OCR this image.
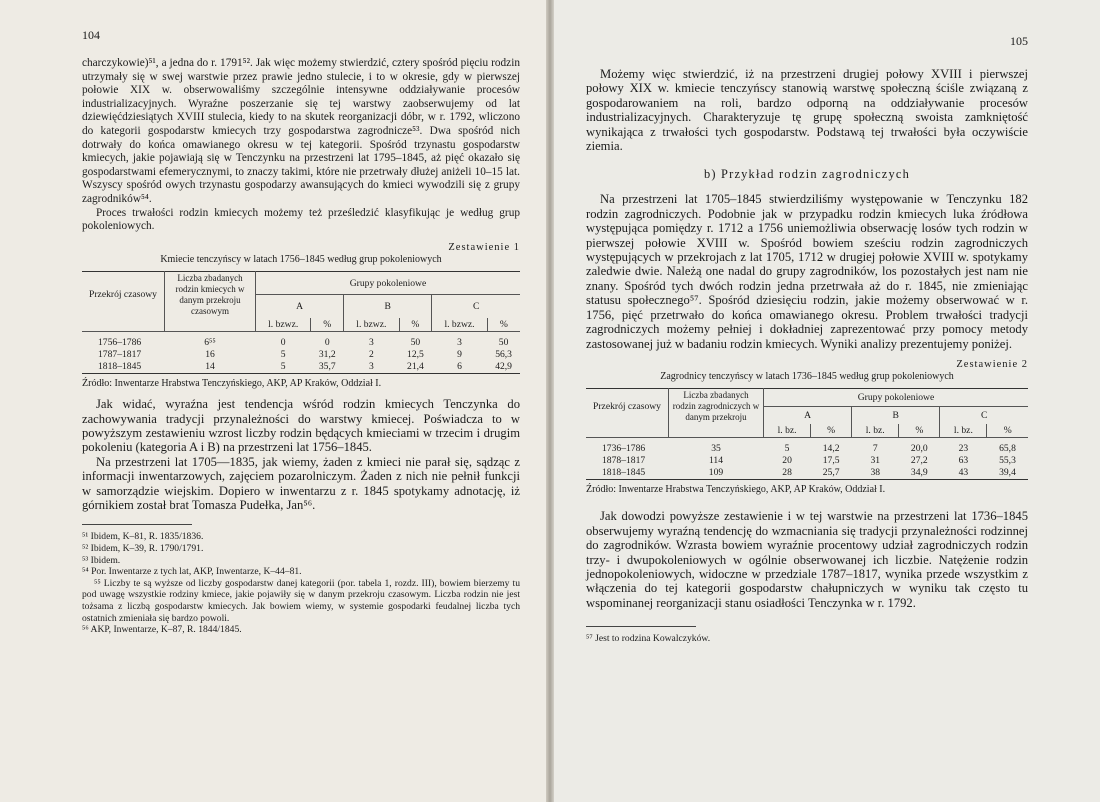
104

charczykowie)⁵¹, a jedna do r. 1791⁵². Jak więc możemy stwierdzić, cztery spośród pięciu rodzin utrzymały się w swej warstwie przez prawie jedno stulecie, i to w okresie, gdy w pierwszej połowie XIX w. obserwowaliśmy szczególnie intensywne oddziaływanie procesów industrializacyjnych. Wyraźne poszerzanie się tej warstwy zaobserwujemy od lat dziewięćdziesiątych XVIII stulecia, kiedy to na skutek reorganizacji dóbr, w r. 1792, wliczono do kategorii gospodarstw kmiecych trzy gospodarstwa zagrodnicze⁵³. Dwa spośród nich dotrwały do końca omawianego okresu w tej kategorii. Spośród trzynastu gospodarstw kmiecych, jakie pojawiają się w Tenczynku na przestrzeni lat 1795–1845, aż pięć okazało się gospodarstwami efemerycznymi, to znaczy takimi, które nie przetrwały dłużej aniżeli 10–15 lat. Wszyscy spośród owych trzynastu gospodarzy awansujących do kmieci wywodzili się z grupy zagrodników⁵⁴.

Proces trwałości rodzin kmiecych możemy też prześledzić klasyfikując je według grup pokoleniowych.

Zestawienie 1
Kmiecie tenczyńscy w latach 1756–1845 według grup pokoleniowych
Przekrój czasowy	Liczba zbadanych rodzin kmiecych w danym przekroju czasowym	Grupy pokoleniowe					
		A		B		C	
		l. bzwz.	%	l. bzwz.	%	l. bzwz.	%

1756–1786	6⁵⁵	0	0	3	50	3	50
1787–1817	16	5	31,2	2	12,5	9	56,3
1818–1845	14	5	35,7	3	21,4	6	42,9
Źródło: Inwentarze Hrabstwa Tenczyńskiego, AKP, AP Kraków, Oddział I.

Jak widać, wyraźna jest tendencja wśród rodzin kmiecych Tenczynka do zachowywania tradycji przynależności do warstwy kmiecej. Poświadcza to w powyższym zestawieniu wzrost liczby rodzin będących kmieciami w trzecim i drugim pokoleniu (kategoria A i B) na przestrzeni lat 1756–1845.

Na przestrzeni lat 1705—1835, jak wiemy, żaden z kmieci nie parał się, sądząc z informacji inwentarzowych, zajęciem pozarolniczym. Żaden z nich nie pełnił funkcji w samorządzie wiejskim. Dopiero w inwentarzu z r. 1845 spotykamy adnotację, iż górnikiem został brat Tomasza Pudełka, Jan⁵⁶.

⁵¹ Ibidem, K–81, R. 1835/1836.
⁵² Ibidem, K–39, R. 1790/1791.
⁵³ Ibidem.
⁵⁴ Por. Inwentarze z tych lat, AKP, Inwentarze, K–44–81.
⁵⁵ Liczby te są wyższe od liczby gospodarstw danej kategorii (por. tabela 1, rozdz. III), bowiem bierzemy tu pod uwagę wszystkie rodziny kmiece, jakie pojawiły się w danym przekroju czasowym. Liczba rodzin nie jest tożsama z liczbą gospodarstw kmiecych. Jak bowiem wiemy, w systemie gospodarki feudalnej liczba tych ostatnich zmieniała się bardzo powoli.
⁵⁶ AKP, Inwentarze, K–87, R. 1844/1845.
105

Możemy więc stwierdzić, iż na przestrzeni drugiej połowy XVIII i pierwszej połowy XIX w. kmiecie tenczyńscy stanowią warstwę społeczną ściśle związaną z gospodarowaniem na roli, bardzo odporną na oddziaływanie procesów industrializacyjnych. Charakteryzuje tę grupę społeczną swoista zamkniętość wynikająca z trwałości tych gospodarstw. Podstawą tej trwałości była oczywiście ziemia.

b) Przykład rodzin zagrodniczych

Na przestrzeni lat 1705–1845 stwierdziliśmy występowanie w Tenczynku 182 rodzin zagrodniczych. Podobnie jak w przypadku rodzin kmiecych luka źródłowa występująca pomiędzy r. 1712 a 1756 uniemożliwia obserwację losów tych rodzin w pierwszej połowie XVIII w. Spośród bowiem sześciu rodzin zagrodniczych występujących w przekrojach z lat 1705, 1712 w drugiej połowie XVIII w. spotykamy zaledwie dwie. Należą one nadal do grupy zagrodników, los pozostałych jest nam nie znany. Spośród tych dwóch rodzin jedna przetrwała aż do r. 1845, nie zmieniając statusu społecznego⁵⁷. Spośród dziesięciu rodzin, jakie możemy obserwować w r. 1756, pięć przetrwało do końca omawianego okresu. Problem trwałości tradycji zagrodniczych możemy pełniej i dokładniej zaprezentować przy pomocy metody zastosowanej już w badaniu rodzin kmiecych. Wyniki analizy prezentujemy poniżej.

Zestawienie 2
Zagrodnicy tenczyńscy w latach 1736–1845 według grup pokoleniowych
Przekrój czasowy	Liczba zbadanych rodzin zagrodniczych w danym przekroju	Grupy pokoleniowe					
		A		B		C	
		l. bz.	%	l. bz.	%	l. bz.	%

1736–1786	35	5	14,2	7	20,0	23	65,8
1878–1817	114	20	17,5	31	27,2	63	55,3
1818–1845	109	28	25,7	38	34,9	43	39,4
Źródło: Inwentarze Hrabstwa Tenczyńskiego, AKP, AP Kraków, Oddział I.

Jak dowodzi powyższe zestawienie i w tej warstwie na przestrzeni lat 1736–1845 obserwujemy wyraźną tendencję do wzmacniania się tradycji przynależności rodzinnej do zagrodników. Wzrasta bowiem wyraźnie procentowy udział zagrodniczych rodzin trzy- i dwupokoleniowych w ogólnie obserwowanej ich liczbie. Natężenie rodzin jednopokoleniowych, widoczne w przedziale 1787–1817, wynika przede wszystkim z włączenia do tej kategorii gospodarstw chałupniczych w wyniku tak często tu wspominanej reorganizacji stanu osiadłości Tenczynka w r. 1792.

⁵⁷ Jest to rodzina Kowalczyków.
